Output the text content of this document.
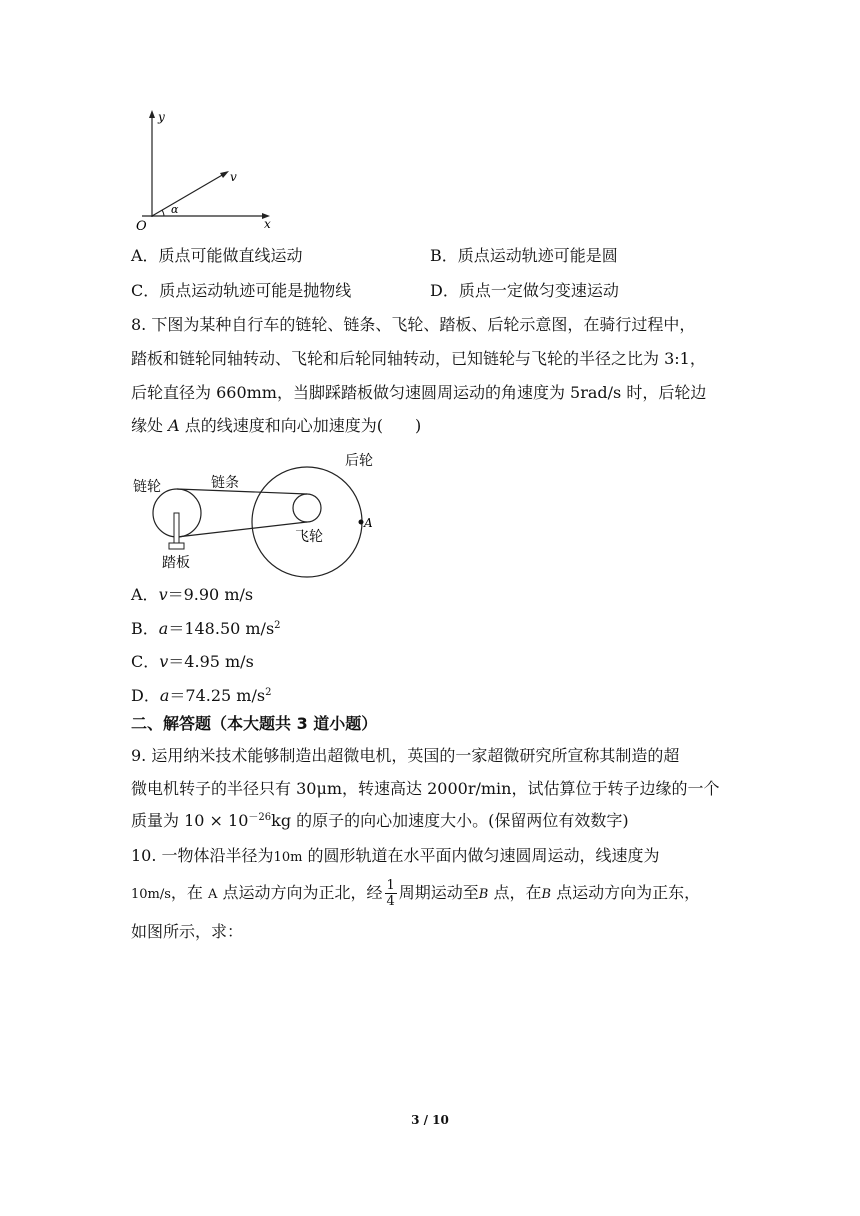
y
x
v
α
O
A．质点可能做直线运动	B．质点运动轨迹可能是圆
C．质点运动轨迹可能是抛物线	D．质点一定做匀变速运动
8. 下图为某种自行车的链轮、链条、飞轮、踏板、后轮示意图，在骑行过程中，
踏板和链轮同轴转动、飞轮和后轮同轴转动，已知链轮与飞轮的半径之比为 3:1，
后轮直径为 660mm，当脚踩踏板做匀速圆周运动的角速度为 5rad/s 时，后轮边
缘处 A 点的线速度和向心加速度为(　　)
链轮	链条
后轮
飞轮
踏板
A
A．v＝9.90 m/s
B．a＝148.50 $m/s^2$
C．v＝4.95 m/s
D．a＝74.25 $m/s^2$
二、解答题（本大题共 3 道小题）
9. 运用纳米技术能够制造出超微电机，英国的一家超微研究所宣称其制造的超
微电机转子的半径只有 30μm，转速高达 2000r/min，试估算位于转子边缘的一个
质量为 $10 \times 10^{-26}kg$ 的原子的向心加速度大小。(保留两位有效数字)
10. 一物体沿半径为10m 的圆形轨道在水平面内做匀速圆周运动，线速度为
10m/s，在 A 点运动方向为正北，经 $\frac{1}{4}$ 周期运动至B 点，在B 点运动方向为正东，
如图所示，求：
3 / 10
